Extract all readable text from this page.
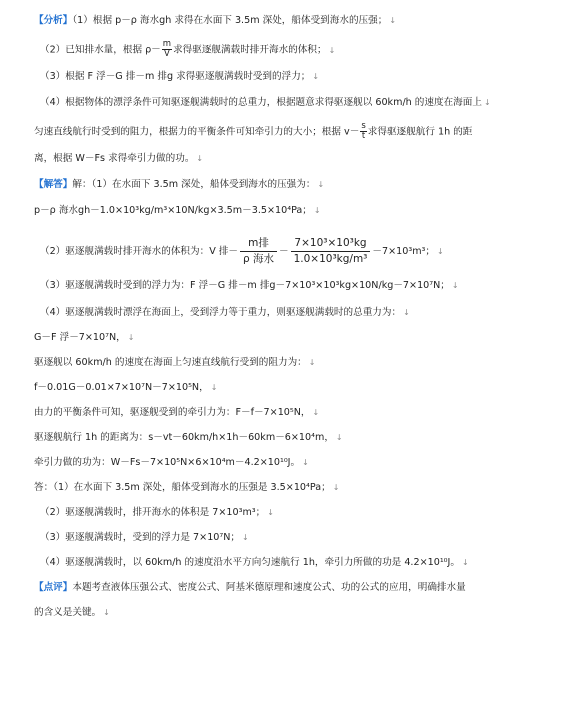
【分析】（1）根据 p－ρ 海水gh 求得在水面下 3.5m 深处，船体受到海水的压强； ↓
（2）已知排水量，根据 $\rho- \frac{m}{V}$ 求得驱逐舰满载时排开海水的体积； ↓
（3）根据 F 浮－G 排－m 排g 求得驱逐舰满载时受到的浮力； ↓
（4）根据物体的漂浮条件可知驱逐舰满载时的总重力，根据题意求得驱逐舰以 60km/h 的速度在海面上 ↓
匀速直线航行时受到的阻力，根据力的平衡条件可知牵引力的大小；根据 $v- \frac{s}{t}$ 求得驱逐舰航行 1h 的距
离，根据 W－Fs 求得牵引力做的功。 ↓
【解答】解：（1）在水面下 3.5m 深处，船体受到海水的压强为： ↓
p－ρ 海水gh－1.0×10³kg/m³×10N/kg×3.5m－3.5×10⁴Pa； ↓
（2）驱逐舰满载时排开海水的体积为：V 排－ $\frac{\text{m排}}{\text{ρ 海水}} - \frac{\text{7×10³×10³kg}}{\text{1.0×10³kg/m³}} -7\times 10^3m^3$； ↓
（3）驱逐舰满载时受到的浮力为：F 浮－G 排－m 排g－7×10³×10³kg×10N/kg－7×10⁷N； ↓
（4）驱逐舰满载时漂浮在海面上，受到浮力等于重力，则驱逐舰满载时的总重力为： ↓
G－F 浮－7×10⁷N， ↓
驱逐舰以 60km/h 的速度在海面上匀速直线航行受到的阻力为： ↓
f－0.01G－0.01×7×10⁷N－7×10⁵N， ↓
由力的平衡条件可知，驱逐舰受到的牵引力为：F－f－7×10⁵N， ↓
驱逐舰航行 1h 的距离为：s－vt－60km/h×1h－60km－6×10⁴m， ↓
牵引力做的功为：W－Fs－7×10⁵N×6×10⁴m－4.2×10¹⁰J。 ↓
答：（1）在水面下 3.5m 深处，船体受到海水的压强是 3.5×10⁴Pa； ↓
（2）驱逐舰满载时，排开海水的体积是 7×10³m³； ↓
（3）驱逐舰满载时，受到的浮力是 7×10⁷N； ↓
（4）驱逐舰满载时，以 60km/h 的速度沿水平方向匀速航行 1h，牵引力所做的功是 4.2×10¹⁰J。 ↓
【点评】本题考查液体压强公式、密度公式、阿基米德原理和速度公式、功的公式的应用，明确排水量
的含义是关键。 ↓
